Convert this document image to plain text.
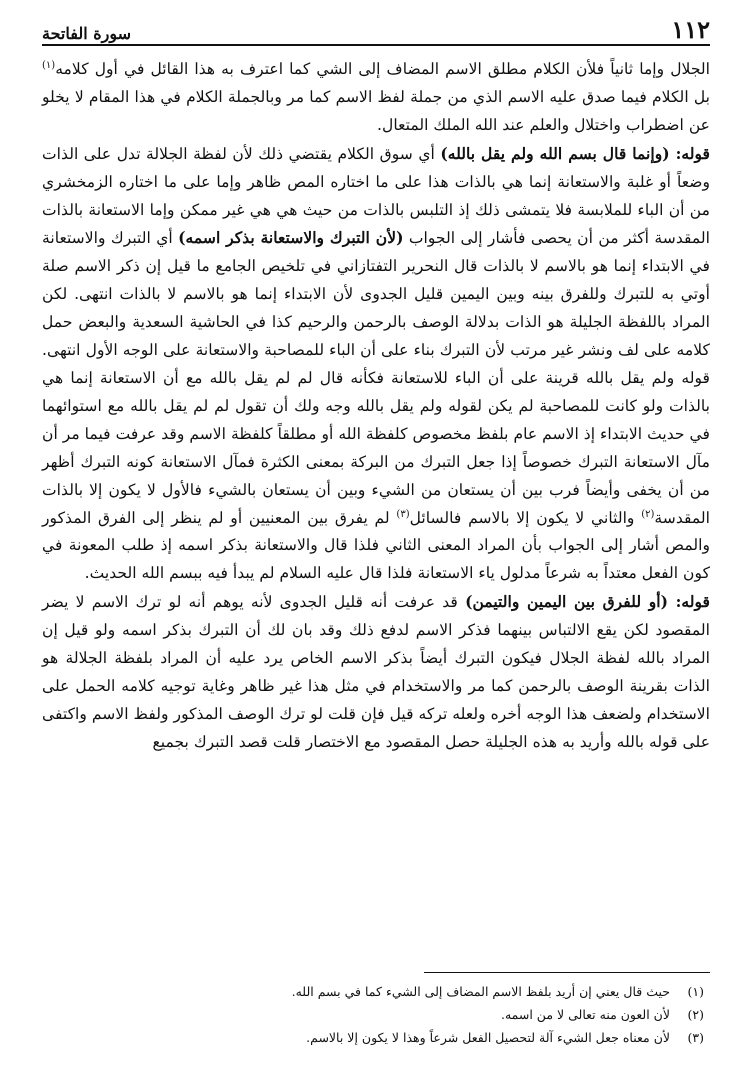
١١٢
سورة الفاتحة

الجلال وإما ثانياً فلأن الكلام مطلق الاسم المضاف إلى الشي كما اعترف به هذا القائل في أول كلامه$^{(١)}$ بل الكلام فيما صدق عليه الاسم الذي من جملة لفظ الاسم كما مر وبالجملة الكلام في هذا المقام لا يخلو عن اضطراب واختلال والعلم عند الله الملك المتعال.

قوله: (وإنما قال بسم الله ولم يقل بالله) أي سوق الكلام يقتضي ذلك لأن لفظة الجلالة تدل على الذات وضعاً أو غلبة والاستعانة إنما هي بالذات هذا على ما اختاره المص ظاهر وإما على ما اختاره الزمخشري من أن الباء للملابسة فلا يتمشى ذلك إذ التلبس بالذات من حيث هي هي غير ممكن وإما الاستعانة بالذات المقدسة أكثر من أن يحصى فأشار إلى الجواب (لأن التبرك والاستعانة بذكر اسمه) أي التبرك والاستعانة في الابتداء إنما هو بالاسم لا بالذات قال النحرير التفتازاني في تلخيص الجامع ما قيل إن ذكر الاسم صلة أوتي به للتبرك وللفرق بينه وبين اليمين قليل الجدوى لأن الابتداء إنما هو بالاسم لا بالذات انتهى. لكن المراد باللفظة الجليلة هو الذات بدلالة الوصف بالرحمن والرحيم كذا في الحاشية السعدية والبعض حمل كلامه على لف ونشر غير مرتب لأن التبرك بناء على أن الباء للمصاحبة والاستعانة على الوجه الأول انتهى. قوله ولم يقل بالله قرينة على أن الباء للاستعانة فكأنه قال لم لم يقل بالله مع أن الاستعانة إنما هي بالذات ولو كانت للمصاحبة لم يكن لقوله ولم يقل بالله وجه ولك أن تقول لم لم يقل بالله مع استوائهما في حديث الابتداء إذ الاسم عام بلفظ مخصوص كلفظة الله أو مطلقاً كلفظة الاسم وقد عرفت فيما مر أن مآل الاستعانة التبرك خصوصاً إذا جعل التبرك من البركة بمعنى الكثرة فمآل الاستعانة كونه التبرك أظهر من أن يخفى وأيضاً فرب بين أن يستعان من الشيء وبين أن يستعان بالشيء فالأول لا يكون إلا بالذات المقدسة$^{(٢)}$ والثاني لا يكون إلا بالاسم فالسائل$^{(٣)}$ لم يفرق بين المعنيين أو لم ينظر إلى الفرق المذكور والمص أشار إلى الجواب بأن المراد المعنى الثاني فلذا قال والاستعانة بذكر اسمه إذ طلب المعونة في كون الفعل معتداً به شرعاً مدلول ياء الاستعانة فلذا قال عليه السلام لم يبدأ فيه ببسم الله الحديث.

قوله: (أو للفرق بين اليمين والتيمن) قد عرفت أنه قليل الجدوى لأنه يوهم أنه لو ترك الاسم لا يضر المقصود لكن يقع الالتباس بينهما فذكر الاسم لدفع ذلك وقد بان لك أن التبرك بذكر اسمه ولو قيل إن المراد بالله لفظة الجلال فيكون التبرك أيضاً بذكر الاسم الخاص يرد عليه أن المراد بلفظة الجلالة هو الذات بقرينة الوصف بالرحمن كما مر والاستخدام في مثل هذا غير ظاهر وغاية توجيه كلامه الحمل على الاستخدام ولضعف هذا الوجه أخره ولعله تركه قيل فإن قلت لو ترك الوصف المذكور ولفظ الاسم واكتفى على قوله بالله وأريد به هذه الجليلة حصل المقصود مع الاختصار قلت قصد التبرك بجميع

(١)حيث قال يعني إن أريد بلفظ الاسم المضاف إلى الشيء كما في بسم الله.
(٢)لأن العون منه تعالى لا من اسمه.
(٣)لأن معناه جعل الشيء آلة لتحصيل الفعل شرعاً وهذا لا يكون إلا بالاسم.
